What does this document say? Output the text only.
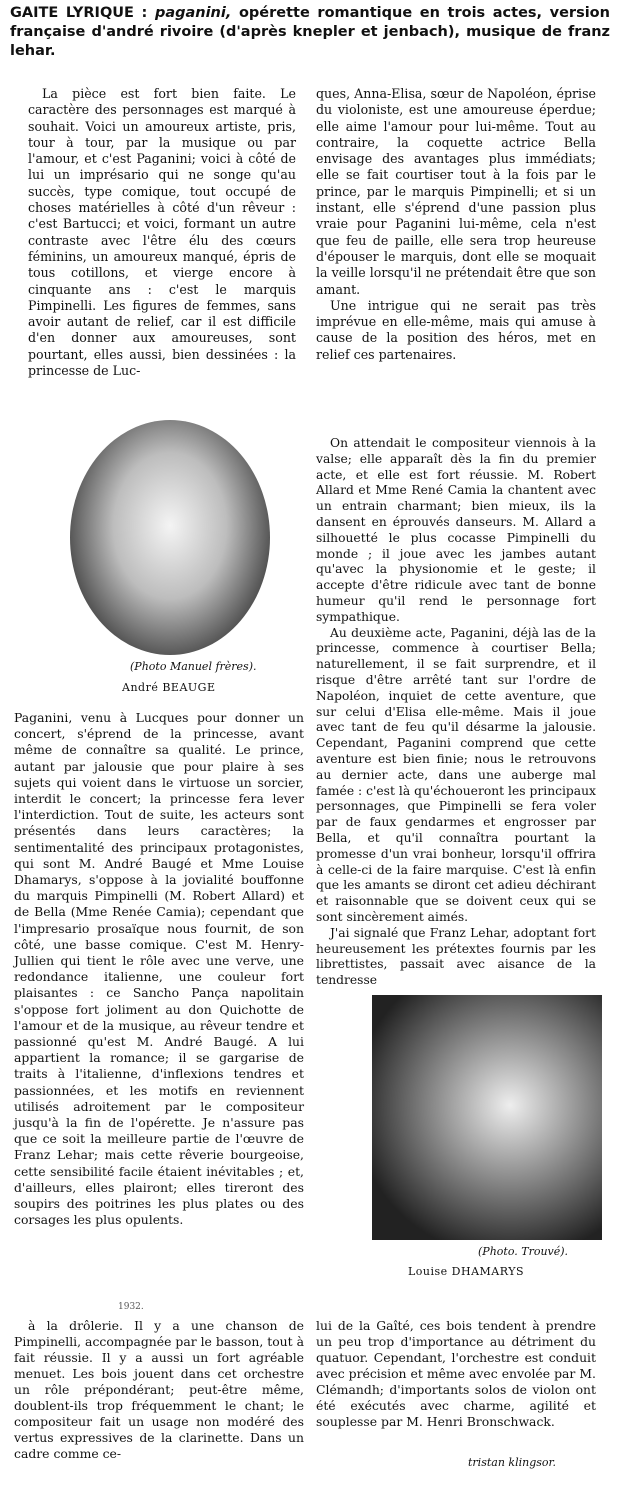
GAITE LYRIQUE : paganini, opérette romantique en trois actes, version française d'andré rivoire (d'après knepler et jenbach), musique de franz lehar.

La pièce est fort bien faite. Le caractère des personnages est marqué à souhait. Voici un amoureux artiste, pris, tour à tour, par la musique ou par l'amour, et c'est Paganini; voici à côté de lui un imprésario qui ne songe qu'au succès, type comique, tout occupé de choses matérielles à côté d'un rêveur : c'est Bartucci; et voici, formant un autre contraste avec l'être élu des cœurs féminins, un amoureux manqué, épris de tous cotillons, et vierge encore à cinquante ans : c'est le marquis Pimpinelli. Les figures de femmes, sans avoir autant de relief, car il est difficile d'en donner aux amoureuses, sont pourtant, elles aussi, bien dessinées : la princesse de Luc-

ques, Anna-Elisa, sœur de Napoléon, éprise du violoniste, est une amoureuse éperdue; elle aime l'amour pour lui-même. Tout au contraire, la coquette actrice Bella envisage des avantages plus immédiats; elle se fait courtiser tout à la fois par le prince, par le marquis Pimpinelli; et si un instant, elle s'éprend d'une passion plus vraie pour Paganini lui-même, cela n'est que feu de paille, elle sera trop heureuse d'épouser le marquis, dont elle se moquait la veille lorsqu'il ne prétendait être que son amant.

Une intrigue qui ne serait pas très imprévue en elle-même, mais qui amuse à cause de la position des héros, met en relief ces partenaires.

(Photo Manuel frères).
André BEAUGE

On attendait le compositeur viennois à la valse; elle apparaît dès la fin du premier acte, et elle est fort réussie. M. Robert Allard et Mme René Camia la chantent avec un entrain charmant; bien mieux, ils la dansent en éprouvés danseurs. M. Allard a silhouetté le plus cocasse Pimpinelli du monde ; il joue avec les jambes autant qu'avec la physionomie et le geste; il accepte d'être ridicule avec tant de bonne humeur qu'il rend le personnage fort sympathique.

Au deuxième acte, Paganini, déjà las de la princesse, commence à courtiser Bella; naturellement, il se fait surprendre, et il risque d'être arrêté tant sur l'ordre de Napoléon, inquiet de cette aventure, que sur celui d'Elisa elle-même. Mais il joue avec tant de feu qu'il désarme la jalousie. Cependant, Paganini comprend que cette aventure est bien finie; nous le retrouvons au dernier acte, dans une auberge mal famée : c'est là qu'échoueront les principaux personnages, que Pimpinelli se fera voler par de faux gendarmes et engrosser par Bella, et qu'il connaîtra pourtant la promesse d'un vrai bonheur, lorsqu'il offrira à celle-ci de la faire marquise. C'est là enfin que les amants se diront cet adieu déchirant et raisonnable que se doivent ceux qui se sont sincèrement aimés.

J'ai signalé que Franz Lehar, adoptant fort heureusement les prétextes fournis par les librettistes, passait avec aisance de la tendresse

Paganini, venu à Lucques pour donner un concert, s'éprend de la princesse, avant même de connaître sa qualité. Le prince, autant par jalousie que pour plaire à ses sujets qui voient dans le virtuose un sorcier, interdit le concert; la princesse fera lever l'interdiction. Tout de suite, les acteurs sont présentés dans leurs caractères; la sentimentalité des principaux protagonistes, qui sont M. André Baugé et Mme Louise Dhamarys, s'oppose à la jovialité bouffonne du marquis Pimpinelli (M. Robert Allard) et de Bella (Mme Renée Camia); cependant que l'impresario prosaïque nous fournit, de son côté, une basse comique. C'est M. Henry-Jullien qui tient le rôle avec une verve, une redondance italienne, une couleur fort plaisantes : ce Sancho Pança napolitain s'oppose fort joliment au don Quichotte de l'amour et de la musique, au rêveur tendre et passionné qu'est M. André Baugé. A lui appartient la romance; il se gargarise de traits à l'italienne, d'inflexions tendres et passionnées, et les motifs en reviennent utilisés adroitement par le compositeur jusqu'à la fin de l'opérette. Je n'assure pas que ce soit la meilleure partie de l'œuvre de Franz Lehar; mais cette rêverie bourgeoise, cette sensibilité facile étaient inévitables ; et, d'ailleurs, elles plairont; elles tireront des soupirs des poitrines les plus plates ou des corsages les plus opulents.

(Photo. Trouvé).
Louise DHAMARYS
1932.

à la drôlerie. Il y a une chanson de Pimpinelli, accompagnée par le basson, tout à fait réussie. Il y a aussi un fort agréable menuet. Les bois jouent dans cet orchestre un rôle prépondérant; peut-être même, doublent-ils trop fréquemment le chant; le compositeur fait un usage non modéré des vertus expressives de la clarinette. Dans un cadre comme ce-

lui de la Gaîté, ces bois tendent à prendre un peu trop d'importance au détriment du quatuor. Cependant, l'orchestre est conduit avec précision et même avec envolée par M. Clémandh; d'importants solos de violon ont été exécutés avec charme, agilité et souplesse par M. Henri Bronschwack.

tristan klingsor.
